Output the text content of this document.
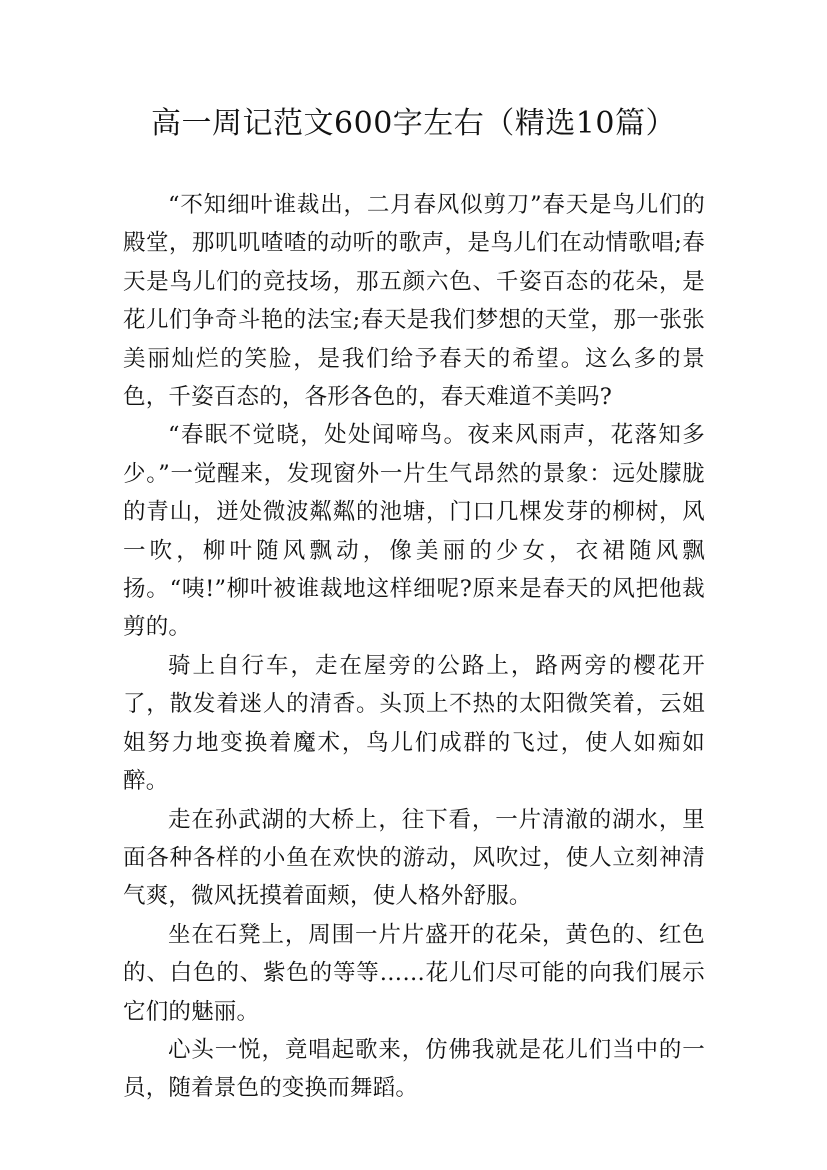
高一周记范文600字左右（精选10篇）

“不知细叶谁裁出，二月春风似剪刀”春天是鸟儿们的殿堂，那叽叽喳喳的动听的歌声，是鸟儿们在动情歌唱;春天是鸟儿们的竞技场，那五颜六色、千姿百态的花朵，是花儿们争奇斗艳的法宝;春天是我们梦想的天堂，那一张张美丽灿烂的笑脸，是我们给予春天的希望。这么多的景色，千姿百态的，各形各色的，春天难道不美吗?

“春眠不觉晓，处处闻啼鸟。夜来风雨声，花落知多少。”一觉醒来，发现窗外一片生气昂然的景象：远处朦胧的青山，迸处微波粼粼的池塘，门口几棵发芽的柳树，风一吹，柳叶随风飘动，像美丽的少女，衣裙随风飘扬。“咦!”柳叶被谁裁地这样细呢?原来是春天的风把他裁剪的。

骑上自行车，走在屋旁的公路上，路两旁的樱花开了，散发着迷人的清香。头顶上不热的太阳微笑着，云姐姐努力地变换着魔术，鸟儿们成群的飞过，使人如痴如醉。

走在孙武湖的大桥上，往下看，一片清澈的湖水，里面各种各样的小鱼在欢快的游动，风吹过，使人立刻神清气爽，微风抚摸着面颊，使人格外舒服。

坐在石凳上，周围一片片盛开的花朵，黄色的、红色的、白色的、紫色的等等……花儿们尽可能的向我们展示它们的魅丽。

心头一悦，竟唱起歌来，仿佛我就是花儿们当中的一员，随着景色的变换而舞蹈。
